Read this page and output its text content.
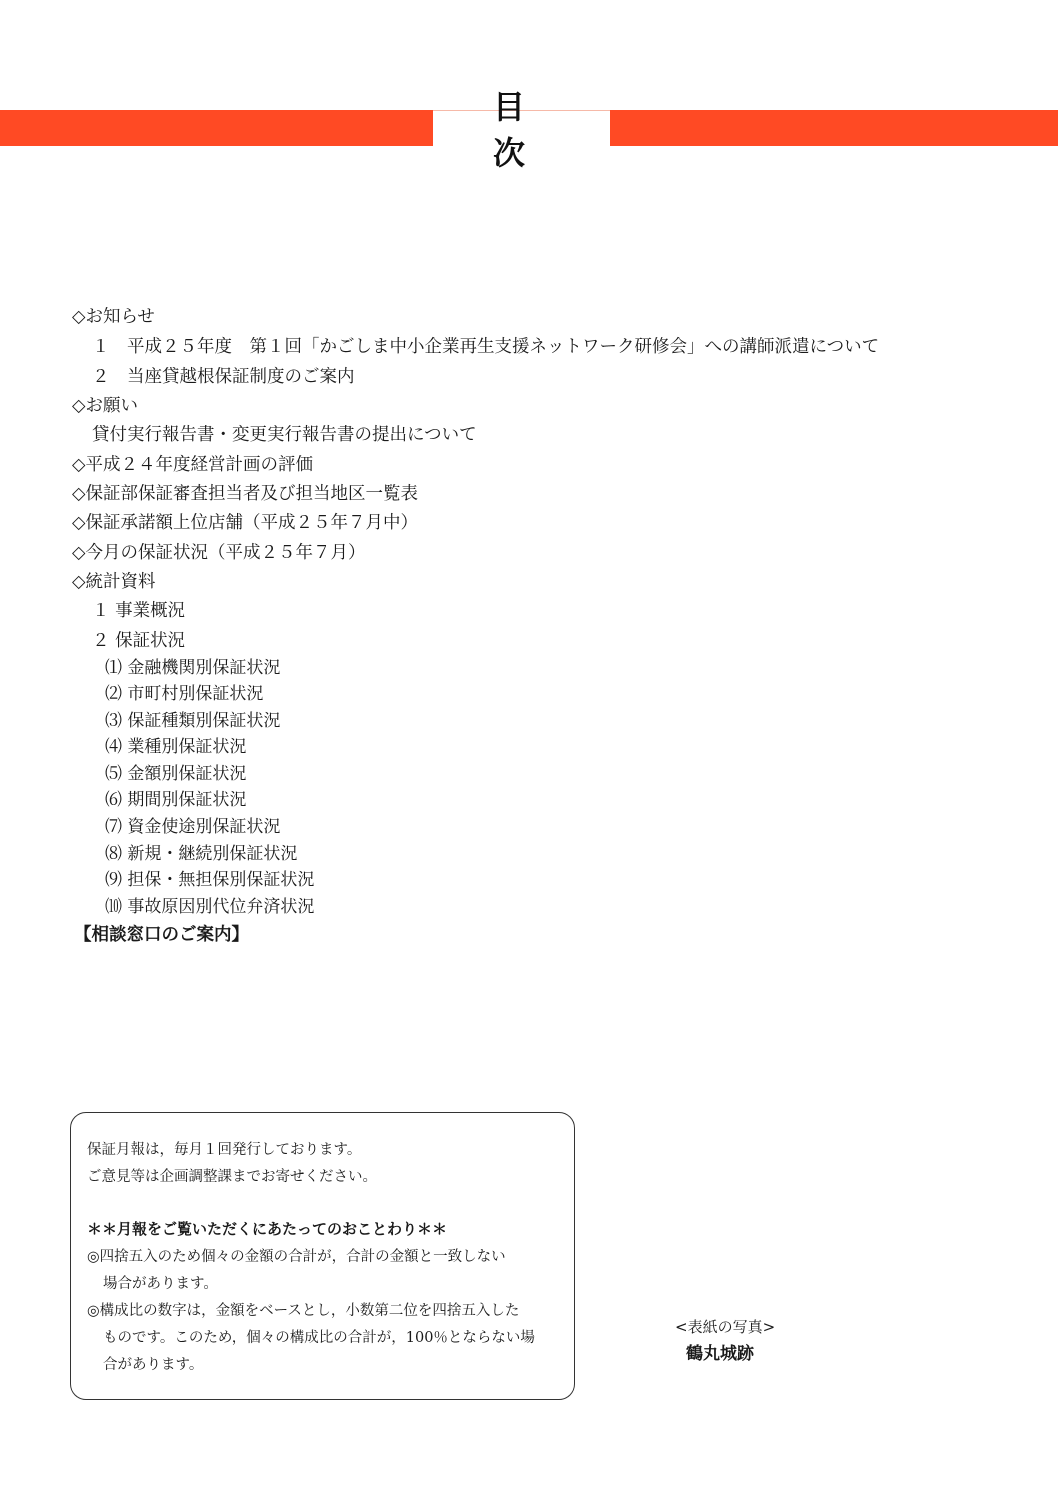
目次
◇お知らせ
１　平成２５年度　第１回「かごしま中小企業再生支援ネットワーク研修会」への講師派遣について
２　当座貸越根保証制度のご案内
◇お願い
貸付実行報告書・変更実行報告書の提出について
◇平成２４年度経営計画の評価
◇保証部保証審査担当者及び担当地区一覧表
◇保証承諾額上位店舗（平成２５年７月中）
◇今月の保証状況（平成２５年７月）
◇統計資料
１ 事業概況
２ 保証状況
⑴ 金融機関別保証状況
⑵ 市町村別保証状況
⑶ 保証種類別保証状況
⑷ 業種別保証状況
⑸ 金額別保証状況
⑹ 期間別保証状況
⑺ 資金使途別保証状況
⑻ 新規・継続別保証状況
⑼ 担保・無担保別保証状況
⑽ 事故原因別代位弁済状況
【相談窓口のご案内】

保証月報は，毎月１回発行しております。

ご意見等は企画調整課までお寄せください。

＊＊月報をご覧いただくにあたってのおことわり＊＊

◎四捨五入のため個々の金額の合計が，合計の金額と一致しない

場合があります。

◎構成比の数字は，金額をベースとし，小数第二位を四捨五入した

ものです。このため，個々の構成比の合計が，100％とならない場

合があります。

<表紙の写真>
鶴丸城跡
